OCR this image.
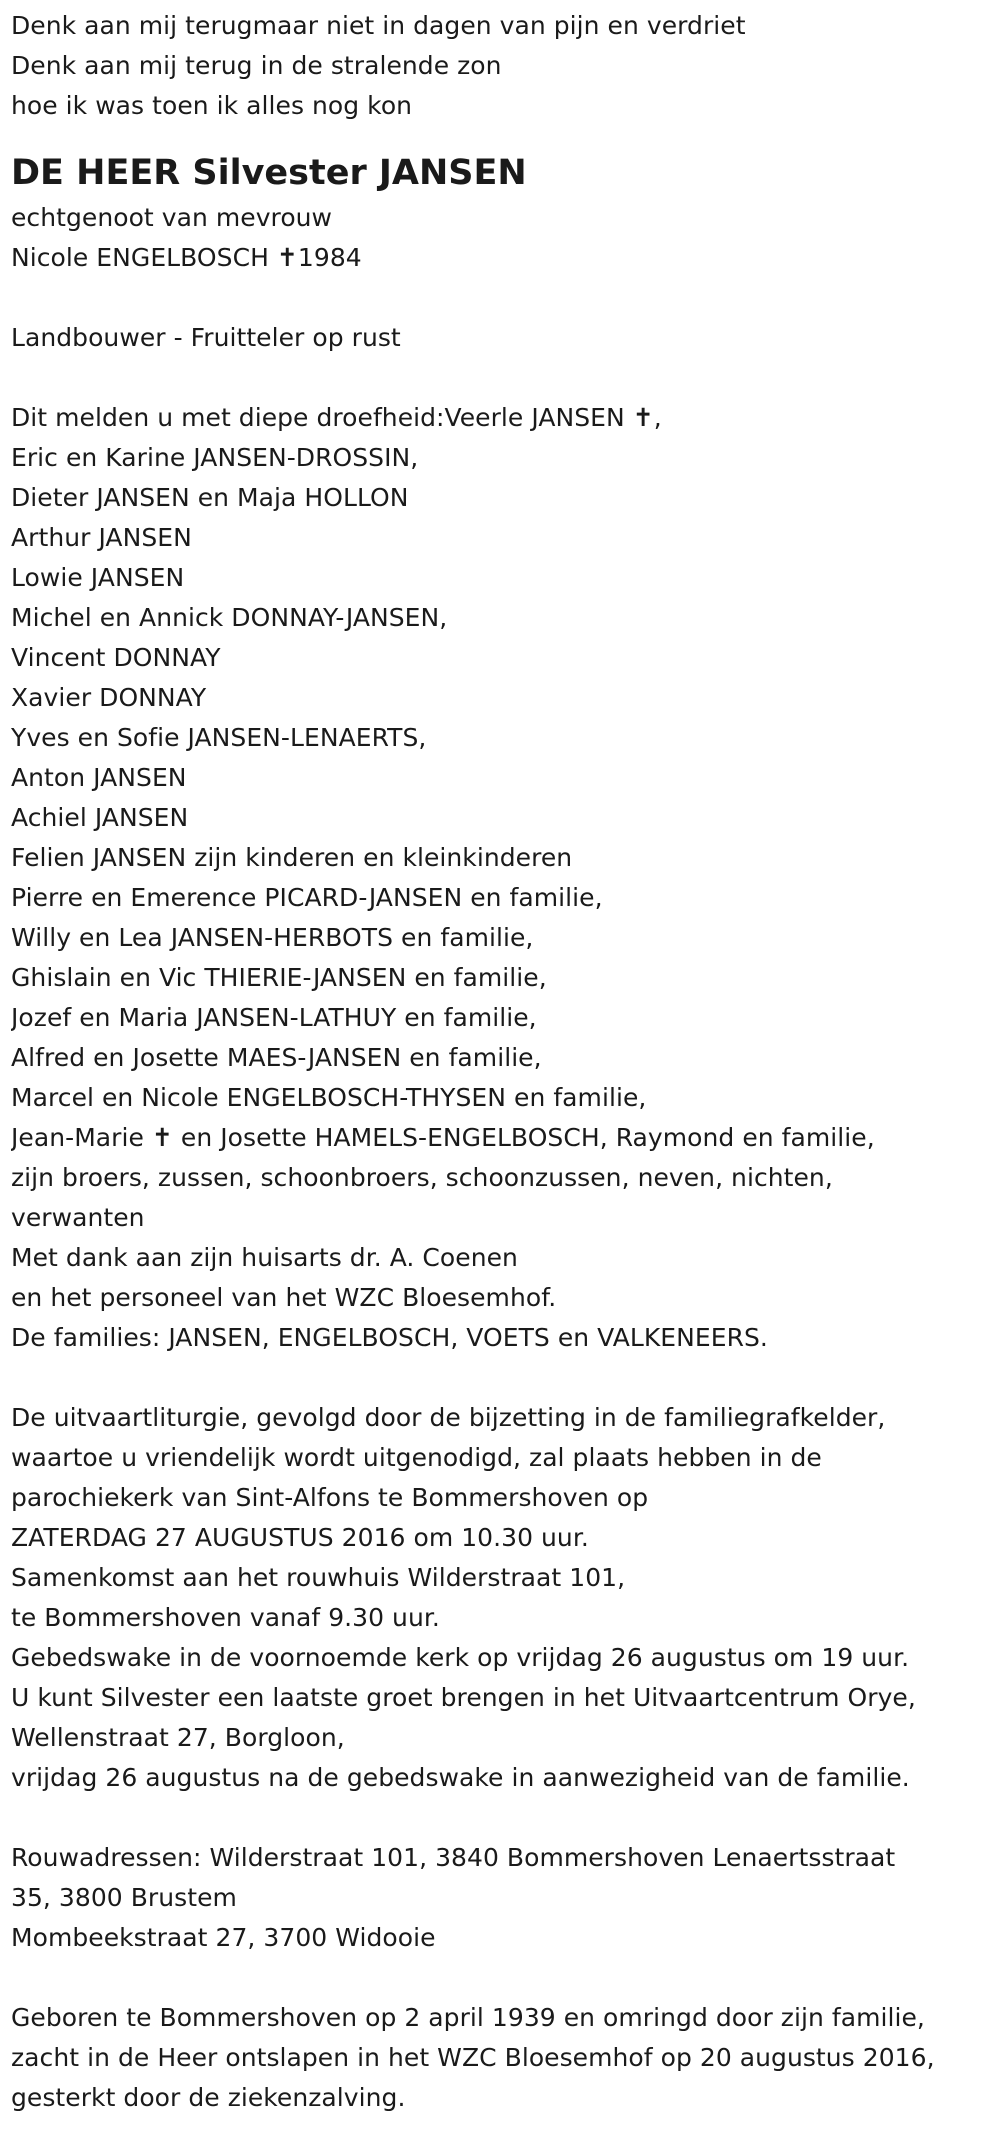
Denk aan mij terugmaar niet in dagen van pijn en verdriet
Denk aan mij terug in de stralende zon
hoe ik was toen ik alles nog kon
DE HEER Silvester JANSEN
echtgenoot van mevrouw
Nicole ENGELBOSCH ✝1984
Landbouwer - Fruitteler op rust
Dit melden u met diepe droefheid:Veerle JANSEN ✝,
Eric en Karine JANSEN-DROSSIN,
Dieter JANSEN en Maja HOLLON
Arthur JANSEN
Lowie JANSEN
Michel en Annick DONNAY-JANSEN,
Vincent DONNAY
Xavier DONNAY
Yves en Sofie JANSEN-LENAERTS,
Anton JANSEN
Achiel JANSEN
Felien JANSEN zijn kinderen en kleinkinderen
Pierre en Emerence PICARD-JANSEN en familie,
Willy en Lea JANSEN-HERBOTS en familie,
Ghislain en Vic THIERIE-JANSEN en familie,
Jozef en Maria JANSEN-LATHUY en familie,
Alfred en Josette MAES-JANSEN en familie,
Marcel en Nicole ENGELBOSCH-THYSEN en familie,
Jean-Marie ✝ en Josette HAMELS-ENGELBOSCH, Raymond en familie,
zijn broers, zussen, schoonbroers, schoonzussen, neven, nichten,
verwanten
Met dank aan zijn huisarts dr. A. Coenen
en het personeel van het WZC Bloesemhof.
De families: JANSEN, ENGELBOSCH, VOETS en VALKENEERS.
De uitvaartliturgie, gevolgd door de bijzetting in de familiegrafkelder,
waartoe u vriendelijk wordt uitgenodigd, zal plaats hebben in de
parochiekerk van Sint-Alfons te Bommershoven op
ZATERDAG 27 AUGUSTUS 2016 om 10.30 uur.
Samenkomst aan het rouwhuis Wilderstraat 101,
te Bommershoven vanaf 9.30 uur.
Gebedswake in de voornoemde kerk op vrijdag 26 augustus om 19 uur.
U kunt Silvester een laatste groet brengen in het Uitvaartcentrum Orye,
Wellenstraat 27, Borgloon,
vrijdag 26 augustus na de gebedswake in aanwezigheid van de familie.
Rouwadressen: Wilderstraat 101, 3840 Bommershoven Lenaertsstraat
35, 3800 Brustem
Mombeekstraat 27, 3700 Widooie
Geboren te Bommershoven op 2 april 1939 en omringd door zijn familie,
zacht in de Heer ontslapen in het WZC Bloesemhof op 20 augustus 2016,
gesterkt door de ziekenzalving.
